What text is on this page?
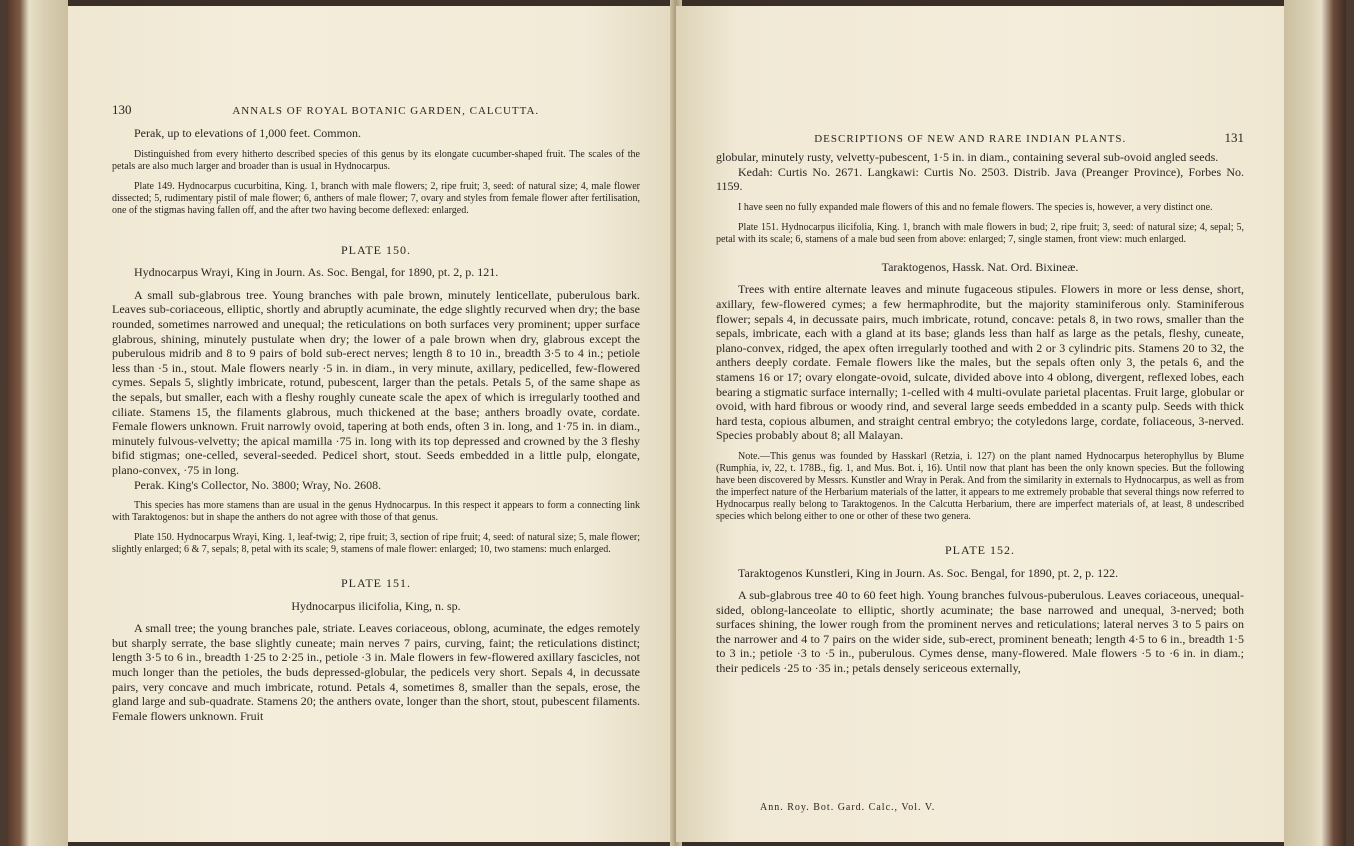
130	ANNALS OF ROYAL BOTANIC GARDEN, CALCUTTA.

Perak, up to elevations of 1,000 feet. Common.

Distinguished from every hitherto described species of this genus by its elongate cucumber-shaped fruit. The scales of the petals are also much larger and broader than is usual in Hydnocarpus.

Plate 149. Hydnocarpus cucurbitina, King. 1, branch with male flowers; 2, ripe fruit; 3, seed: of natural size; 4, male flower dissected; 5, rudimentary pistil of male flower; 6, anthers of male flower; 7, ovary and styles from female flower after fertilisation, one of the stigmas having fallen off, and the after two having become deflexed: enlarged.

PLATE 150.

Hydnocarpus Wrayi, King in Journ. As. Soc. Bengal, for 1890, pt. 2, p. 121.

A small sub-glabrous tree. Young branches with pale brown, minutely lenticellate, puberulous bark. Leaves sub-coriaceous, elliptic, shortly and abruptly acuminate, the edge slightly recurved when dry; the base rounded, sometimes narrowed and unequal; the reticulations on both surfaces very prominent; upper surface glabrous, shining, minutely pustulate when dry; the lower of a pale brown when dry, glabrous except the puberulous midrib and 8 to 9 pairs of bold sub-erect nerves; length 8 to 10 in., breadth 3·5 to 4 in.; petiole less than ·5 in., stout. Male flowers nearly ·5 in. in diam., in very minute, axillary, pedicelled, few-flowered cymes. Sepals 5, slightly imbricate, rotund, pubescent, larger than the petals. Petals 5, of the same shape as the sepals, but smaller, each with a fleshy roughly cuneate scale the apex of which is irregularly toothed and ciliate. Stamens 15, the filaments glabrous, much thickened at the base; anthers broadly ovate, cordate. Female flowers unknown. Fruit narrowly ovoid, tapering at both ends, often 3 in. long, and 1·75 in. in diam., minutely fulvous-velvetty; the apical mamilla ·75 in. long with its top depressed and crowned by the 3 fleshy bifid stigmas; one-celled, several-seeded. Pedicel short, stout. Seeds embedded in a little pulp, elongate, plano-convex, ·75 in long.

Perak. King's Collector, No. 3800; Wray, No. 2608.

This species has more stamens than are usual in the genus Hydnocarpus. In this respect it appears to form a connecting link with Taraktogenos: but in shape the anthers do not agree with those of that genus.

Plate 150. Hydnocarpus Wrayi, King. 1, leaf-twig; 2, ripe fruit; 3, section of ripe fruit; 4, seed: of natural size; 5, male flower; slightly enlarged; 6 & 7, sepals; 8, petal with its scale; 9, stamens of male flower: enlarged; 10, two stamens: much enlarged.

PLATE 151.

Hydnocarpus ilicifolia, King, n. sp.

A small tree; the young branches pale, striate. Leaves coriaceous, oblong, acuminate, the edges remotely but sharply serrate, the base slightly cuneate; main nerves 7 pairs, curving, faint; the reticulations distinct; length 3·5 to 6 in., breadth 1·25 to 2·25 in., petiole ·3 in. Male flowers in few-flowered axillary fascicles, not much longer than the petioles, the buds depressed-globular, the pedicels very short. Sepals 4, in decussate pairs, very concave and much imbricate, rotund. Petals 4, sometimes 8, smaller than the sepals, erose, the gland large and sub-quadrate. Stamens 20; the anthers ovate, longer than the short, stout, pubescent filaments. Female flowers unknown. Fruit

DESCRIPTIONS OF NEW AND RARE INDIAN PLANTS.	131

globular, minutely rusty, velvetty-pubescent, 1·5 in. in diam., containing several sub-ovoid angled seeds.

Kedah: Curtis No. 2671. Langkawi: Curtis No. 2503. Distrib. Java (Preanger Province), Forbes No. 1159.

I have seen no fully expanded male flowers of this and no female flowers. The species is, however, a very distinct one.

Plate 151. Hydnocarpus ilicifolia, King. 1, branch with male flowers in bud; 2, ripe fruit; 3, seed: of natural size; 4, sepal; 5, petal with its scale; 6, stamens of a male bud seen from above: enlarged; 7, single stamen, front view: much enlarged.

Taraktogenos, Hassk. Nat. Ord. Bixineæ.

Trees with entire alternate leaves and minute fugaceous stipules. Flowers in more or less dense, short, axillary, few-flowered cymes; a few hermaphrodite, but the majority staminiferous only. Staminiferous flower; sepals 4, in decussate pairs, much imbricate, rotund, concave: petals 8, in two rows, smaller than the sepals, imbricate, each with a gland at its base; glands less than half as large as the petals, fleshy, cuneate, plano-convex, ridged, the apex often irregularly toothed and with 2 or 3 cylindric pits. Stamens 20 to 32, the anthers deeply cordate. Female flowers like the males, but the sepals often only 3, the petals 6, and the stamens 16 or 17; ovary elongate-ovoid, sulcate, divided above into 4 oblong, divergent, reflexed lobes, each bearing a stigmatic surface internally; 1-celled with 4 multi-ovulate parietal placentas. Fruit large, globular or ovoid, with hard fibrous or woody rind, and several large seeds embedded in a scanty pulp. Seeds with thick hard testa, copious albumen, and straight central embryo; the cotyledons large, cordate, foliaceous, 3-nerved. Species probably about 8; all Malayan.

Note.—This genus was founded by Hasskarl (Retzia, i. 127) on the plant named Hydnocarpus heterophyllus by Blume (Rumphia, iv, 22, t. 178B., fig. 1, and Mus. Bot. i, 16). Until now that plant has been the only known species. But the following have been discovered by Messrs. Kunstler and Wray in Perak. And from the similarity in externals to Hydnocarpus, as well as from the imperfect nature of the Herbarium materials of the latter, it appears to me extremely probable that several things now referred to Hydnocarpus really belong to Taraktogenos. In the Calcutta Herbarium, there are imperfect materials of, at least, 8 undescribed species which belong either to one or other of these two genera.

PLATE 152.

Taraktogenos Kunstleri, King in Journ. As. Soc. Bengal, for 1890, pt. 2, p. 122.

A sub-glabrous tree 40 to 60 feet high. Young branches fulvous-puberulous. Leaves coriaceous, unequal-sided, oblong-lanceolate to elliptic, shortly acuminate; the base narrowed and unequal, 3-nerved; both surfaces shining, the lower rough from the prominent nerves and reticulations; lateral nerves 3 to 5 pairs on the narrower and 4 to 7 pairs on the wider side, sub-erect, prominent beneath; length 4·5 to 6 in., breadth 1·5 to 3 in.; petiole ·3 to ·5 in., puberulous. Cymes dense, many-flowered. Male flowers ·5 to ·6 in. in diam.; their pedicels ·25 to ·35 in.; petals densely sericeous externally,

Ann. Roy. Bot. Gard. Calc., Vol. V.
